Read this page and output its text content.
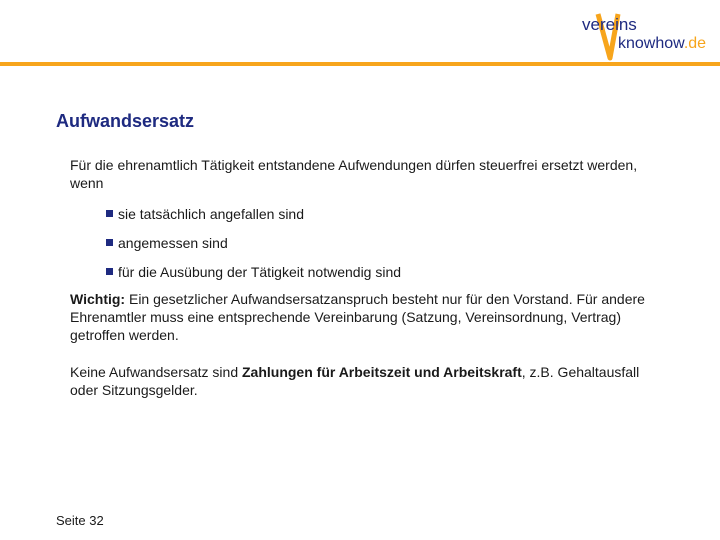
vereins
knowhow.de
Aufwandsersatz
Für die ehrenamtlich Tätigkeit entstandene Aufwendungen dürfen steuerfrei ersetzt werden, wenn
sie tatsächlich angefallen sind
angemessen sind
für die Ausübung der Tätigkeit notwendig sind
Wichtig: Ein gesetzlicher Aufwandsersatzanspruch besteht nur für den Vorstand. Für andere Ehrenamtler muss eine entsprechende Vereinbarung (Satzung, Vereinsordnung, Vertrag) getroffen werden.
Keine Aufwandsersatz sind Zahlungen für Arbeitszeit und Arbeitskraft, z.B. Gehaltausfall oder Sitzungsgelder.
Seite 32
